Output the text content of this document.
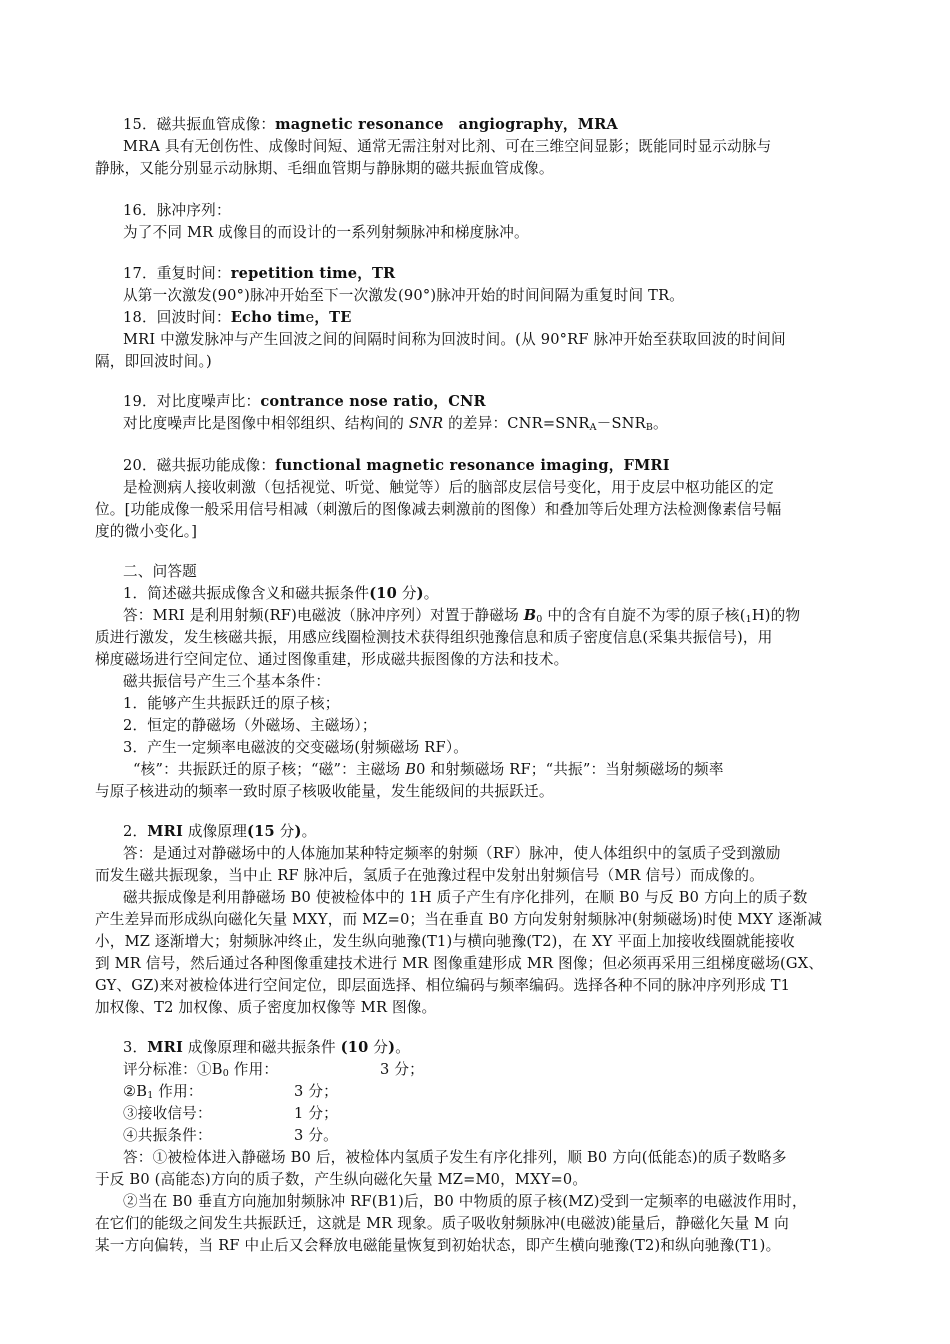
15．磁共振血管成像：magnetic resonance　angiography，MRA
MRA 具有无创伤性、成像时间短、通常无需注射对比剂、可在三维空间显影；既能同时显示动脉与
静脉，又能分别显示动脉期、毛细血管期与静脉期的磁共振血管成像。
16．脉冲序列：
为了不同 MR 成像目的而设计的一系列射频脉冲和梯度脉冲。
17．重复时间：repetition time，TR
从第一次激发(90°)脉冲开始至下一次激发(90°)脉冲开始的时间间隔为重复时间 TR。
18．回波时间：Echo time，TE
MRI 中激发脉冲与产生回波之间的间隔时间称为回波时间。(从 90°RF 脉冲开始至获取回波的时间间
隔，即回波时间。)
19．对比度噪声比：contrance nose ratio，CNR
对比度噪声比是图像中相邻组织、结构间的 SNR 的差异：$CNR=SNR_A-SNR_B$。
20．磁共振功能成像：functional magnetic resonance imaging，FMRI
是检测病人接收刺激（包括视觉、听觉、触觉等）后的脑部皮层信号变化，用于皮层中枢功能区的定
位。[功能成像一般采用信号相减（刺激后的图像减去刺激前的图像）和叠加等后处理方法检测像素信号幅
度的微小变化。]
二、问答题
1．简述磁共振成像含义和磁共振条件(10 分)。
答：MRI 是利用射频(RF)电磁波（脉冲序列）对置于静磁场 $B_0$ 中的含有自旋不为零的原子核$(_1H)$的物
质进行激发，发生核磁共振，用感应线圈检测技术获得组织弛豫信息和质子密度信息(采集共振信号)，用
梯度磁场进行空间定位、通过图像重建，形成磁共振图像的方法和技术。
磁共振信号产生三个基本条件：
1．能够产生共振跃迁的原子核；
2．恒定的静磁场（外磁场、主磁场）；
3．产生一定频率电磁波的交变磁场(射频磁场 RF）。
“核”：共振跃迁的原子核；“磁”：主磁场 B0 和射频磁场 RF；“共振”：当射频磁场的频率
与原子核进动的频率一致时原子核吸收能量，发生能级间的共振跃迁。
2．MRI 成像原理(15 分)。
答：是通过对静磁场中的人体施加某种特定频率的射频（RF）脉冲，使人体组织中的氢质子受到激励
而发生磁共振现象，当中止 RF 脉冲后，氢质子在弛豫过程中发射出射频信号（MR 信号）而成像的。
磁共振成像是利用静磁场 B0 使被检体中的 1H 质子产生有序化排列，在顺 B0 与反 B0 方向上的质子数
产生差异而形成纵向磁化矢量 MXY，而 MZ=0；当在垂直 B0 方向发射射频脉冲(射频磁场)时使 MXY 逐渐减
小，MZ 逐渐增大；射频脉冲终止，发生纵向驰豫(T1)与横向驰豫(T2)，在 XY 平面上加接收线圈就能接收
到 MR 信号，然后通过各种图像重建技术进行 MR 图像重建形成 MR 图像；但必须再采用三组梯度磁场(GX、
GY、GZ)来对被检体进行空间定位，即层面选择、相位编码与频率编码。选择各种不同的脉冲序列形成 T1
加权像、T2 加权像、质子密度加权像等 MR 图像。
3．MRI 成像原理和磁共振条件 (10 分)。
评分标准：$①B_0$ 作用：	3 分；
$②B_1$ 作用：	3 分；
③接收信号：	1 分；
④共振条件：	3 分。
答：①被检体进入静磁场 B0 后，被检体内氢质子发生有序化排列，顺 B0 方向(低能态)的质子数略多
于反 B0 (高能态)方向的质子数，产生纵向磁化矢量 MZ=M0，MXY=0。
②当在 B0 垂直方向施加射频脉冲 RF(B1)后，B0 中物质的原子核(MZ)受到一定频率的电磁波作用时，
在它们的能级之间发生共振跃迁，这就是 MR 现象。质子吸收射频脉冲(电磁波)能量后，静磁化矢量 M 向
某一方向偏转，当 RF 中止后又会释放电磁能量恢复到初始状态，即产生横向驰豫(T2)和纵向驰豫(T1)。
